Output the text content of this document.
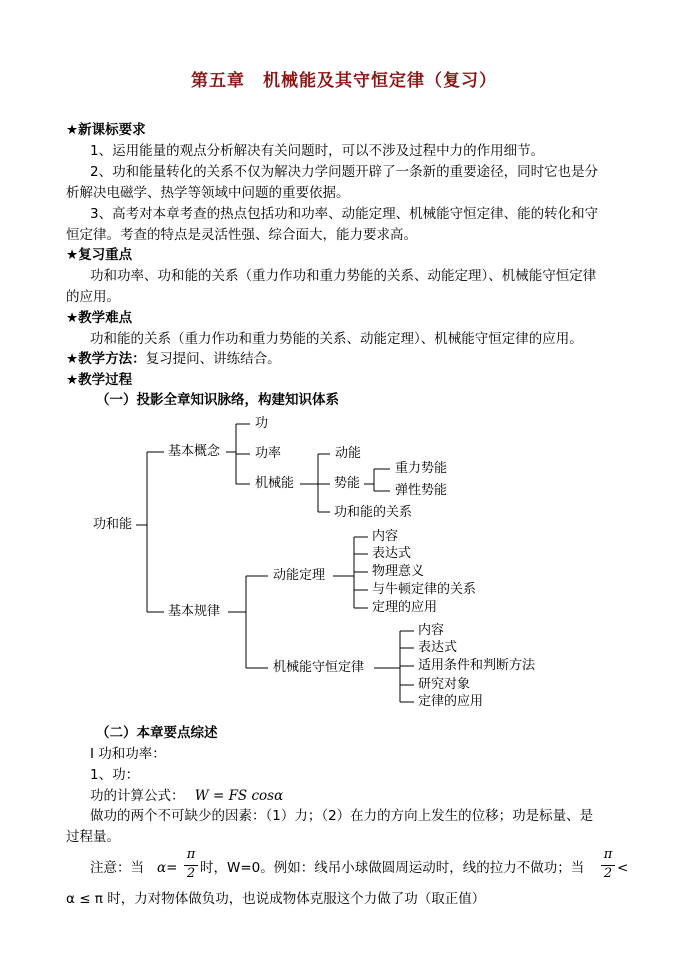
第五章　机械能及其守恒定律（复习）
★新课标要求
1、运用能量的观点分析解决有关问题时，可以不涉及过程中力的作用细节。
2、功和能量转化的关系不仅为解决力学问题开辟了一条新的重要途径，同时它也是分
析解决电磁学、热学等领域中问题的重要依据。
3、高考对本章考查的热点包括功和功率、动能定理、机械能守恒定律、能的转化和守
恒定律。考查的特点是灵活性强、综合面大，能力要求高。
★复习重点
功和功率、功和能的关系（重力作功和重力势能的关系、动能定理）、机械能守恒定律
的应用。
★教学难点
功和能的关系（重力作功和重力势能的关系、动能定理）、机械能守恒定律的应用。
★教学方法：复习提问、讲练结合。
★教学过程
（一）投影全章知识脉络，构建知识体系
功和能
基本概念
功
功率
机械能
动能
势能
重力势能
弹性势能
功和能的关系
基本规律
动能定理
内容
表达式
物理意义
与牛顿定律的关系
定理的应用
机械能守恒定律
内容
表达式
适用条件和判断方法
研究对象
定律的应用
（二）本章要点综述
Ⅰ 功和功率：
1、功：
功的计算公式： W = FS cosα
做功的两个不可缺少的因素：（1）力；（2）在力的方向上发生的位移；功是标量、是
过程量。
注意：当 α=
π
2 时，W=0。例如：线吊小球做圆周运动时，线的拉力不做功；当
π
2 <
α ≤ π 时，力对物体做负功，也说成物体克服这个力做了功（取正值）
